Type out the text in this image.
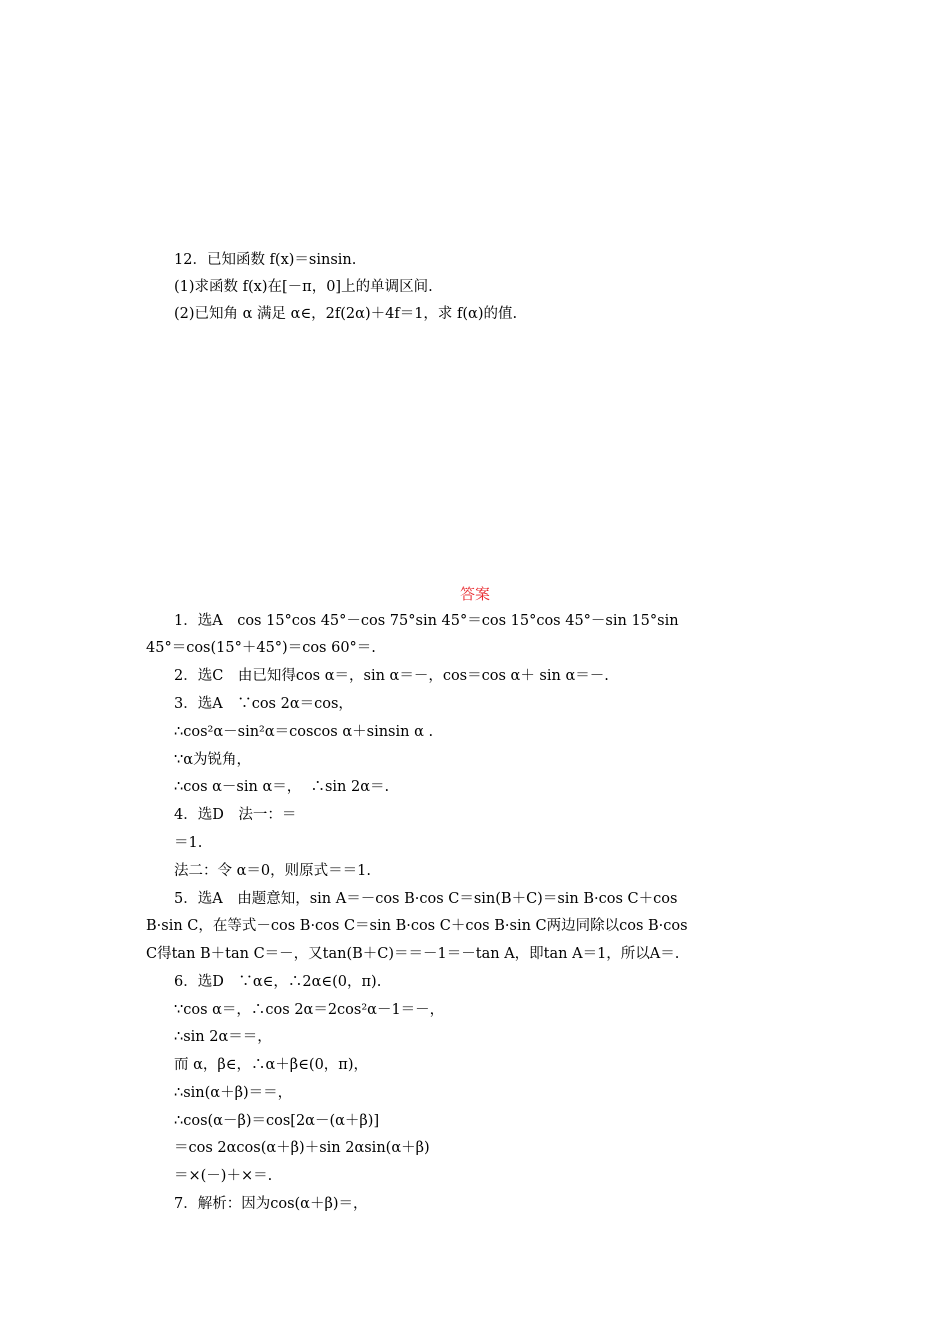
12．已知函数 f(x)＝sinsin.
(1)求函数 f(x)在[－π，0]上的单调区间.
(2)已知角 α 满足 α∈，2f(2α)＋4f＝1，求 f(α)的值.
答案
1．选A　cos 15°cos 45°－cos 75°sin 45°＝cos 15°cos 45°－sin 15°sin
45°＝cos(15°＋45°)＝cos 60°＝.
2．选C　由已知得cos α＝，sin α＝－，cos＝cos α＋ sin α＝－.
3．选A　∵cos 2α＝cos，
∴cos²α－sin²α＝coscos α＋sinsin α .
∵α为锐角，
∴cos α－sin α＝，  ∴sin 2α＝.
4．选D　法一：＝
＝1.
法二：令 α＝0，则原式＝＝1.
5．选A　由题意知，sin A＝－cos B·cos C＝sin(B＋C)＝sin B·cos C＋cos
B·sin C，在等式－cos B·cos C＝sin B·cos C＋cos B·sin C两边同除以cos B·cos
C得tan B＋tan C＝－，又tan(B＋C)＝＝－1＝－tan A，即tan A＝1，所以A＝.
6．选D　∵α∈，∴2α∈(0，π).
∵cos α＝，∴cos 2α＝2cos²α－1＝－，
∴sin 2α＝＝，
而 α，β∈，∴α＋β∈(0，π)，
∴sin(α＋β)＝＝，
∴cos(α－β)＝cos[2α－(α＋β)]
＝cos 2αcos(α＋β)＋sin 2αsin(α＋β)
＝×(－)＋×＝.
7．解析：因为cos(α＋β)＝，
